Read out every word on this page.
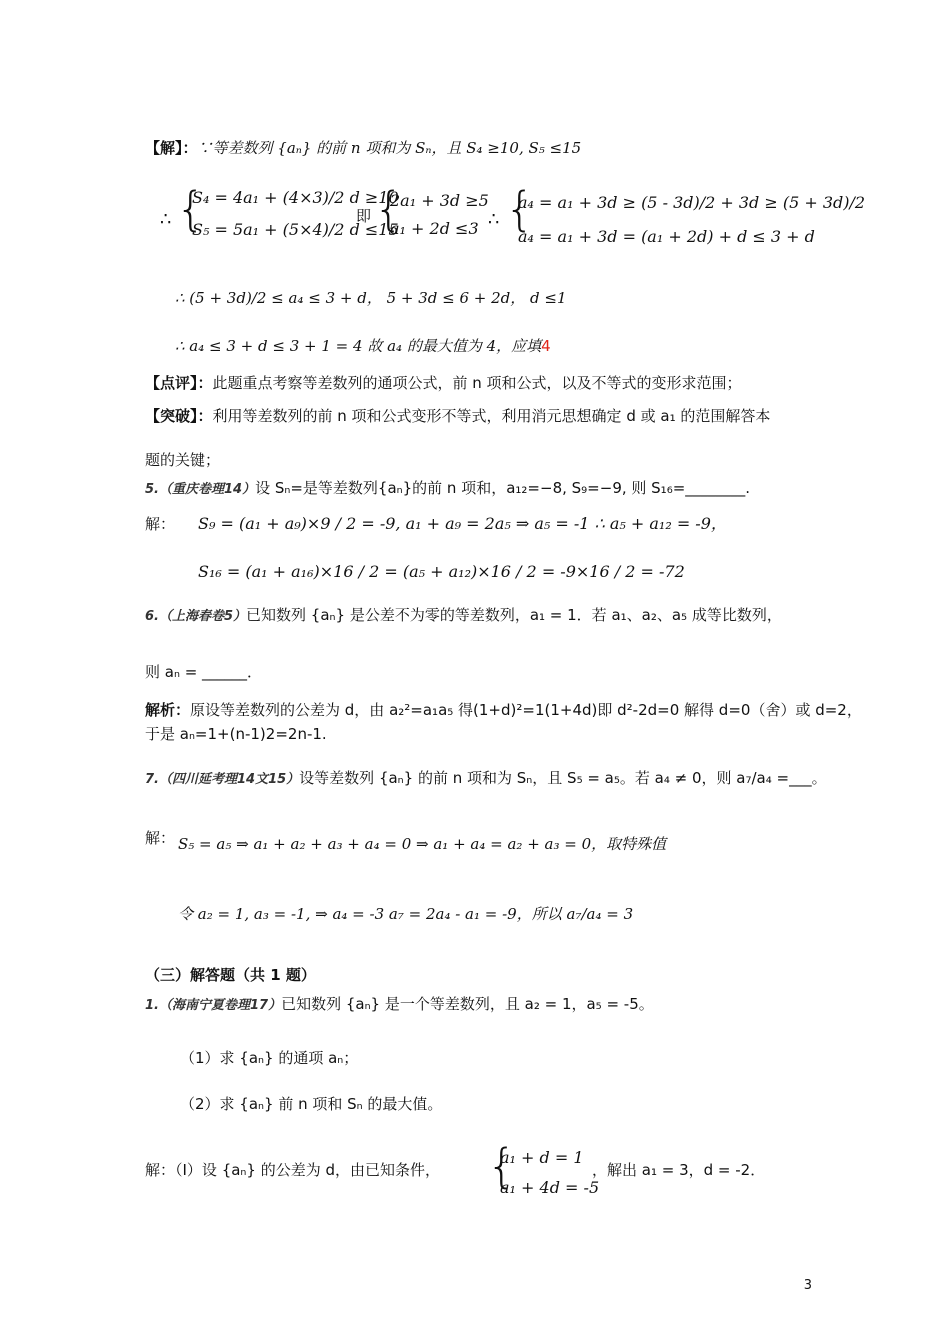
【解】：∵等差数列 {aₙ} 的前 n 项和为 Sₙ，且 S₄ ≥10, S₅ ≤15
∴ {
S₄ = 4a₁ + (4×3)/2 d ≥10
S₅ = 5a₁ + (5×4)/2 d ≤15
即 {
2a₁ + 3d ≥5
a₁ + 2d ≤3 ∴ {
a₄ = a₁ + 3d ≥ (5 - 3d)/2 + 3d ≥ (5 + 3d)/2
a₄ = a₁ + 3d = (a₁ + 2d) + d ≤ 3 + d
∴ (5 + 3d)/2 ≤ a₄ ≤ 3 + d， 5 + 3d ≤ 6 + 2d， d ≤1
∴ a₄ ≤ 3 + d ≤ 3 + 1 = 4 故 a₄ 的最大值为 4，应填4
【点评】：此题重点考察等差数列的通项公式，前 n 项和公式，以及不等式的变形求范围；
【突破】：利用等差数列的前 n 项和公式变形不等式，利用消元思想确定 d 或 a₁ 的范围解答本
题的关键；
5.（重庆卷理14）设 Sₙ=是等差数列{aₙ}的前 n 项和，a₁₂=−8, S₉=−9, 则 S₁₆=________.
解： S₉ = (a₁ + a₉)×9 / 2 = -9, a₁ + a₉ = 2a₅ ⇒ a₅ = -1 ∴ a₅ + a₁₂ = -9，
S₁₆ = (a₁ + a₁₆)×16 / 2 = (a₅ + a₁₂)×16 / 2 = -9×16 / 2 = -72
6.（上海春卷5）已知数列 {aₙ} 是公差不为零的等差数列，a₁ = 1．若 a₁、a₂、a₅ 成等比数列，
则 aₙ = ______．
解析：原设等差数列的公差为 d，由 a₂²=a₁a₅ 得(1+d)²=1(1+4d)即 d²-2d=0 解得 d=0（舍）或 d=2，
于是 aₙ=1+(n-1)2=2n-1.
7.（四川延考理14文15）设等差数列 {aₙ} 的前 n 项和为 Sₙ，且 S₅ = a₅。若 a₄ ≠ 0，则 a₇/a₄ =___。
解： S₅ = a₅ ⇒ a₁ + a₂ + a₃ + a₄ = 0 ⇒ a₁ + a₄ = a₂ + a₃ = 0，取特殊值
令 a₂ = 1, a₃ = -1, ⇒ a₄ = -3 a₇ = 2a₄ - a₁ = -9，所以 a₇/a₄ = 3
（三）解答题（共 1 题）
1.（海南宁夏卷理17）已知数列 {aₙ} 是一个等差数列，且 a₂ = 1，a₅ = -5。
（1）求 {aₙ} 的通项 aₙ；
（2）求 {aₙ} 前 n 项和 Sₙ 的最大值。
解：（Ⅰ）设 {aₙ} 的公差为 d，由已知条件， {
a₁ + d = 1
a₁ + 4d = -5
，解出 a₁ = 3，d = -2．
3
